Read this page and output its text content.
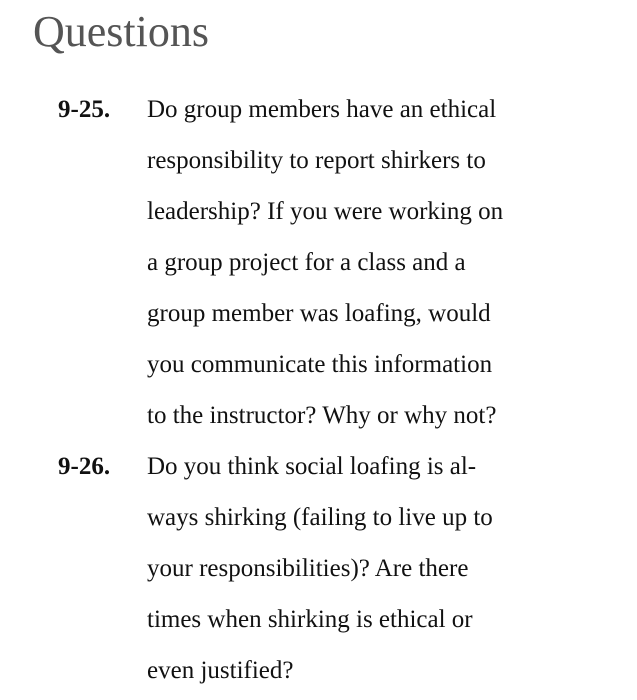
Questions
9-25. Do group members have an ethical
responsibility to report shirkers to
leadership? If you were working on
a group project for a class and a
group member was loafing, would
you communicate this information
to the instructor? Why or why not?
9-26. Do you think social loafing is al-
ways shirking (failing to live up to
your responsibilities)? Are there
times when shirking is ethical or
even justified?
